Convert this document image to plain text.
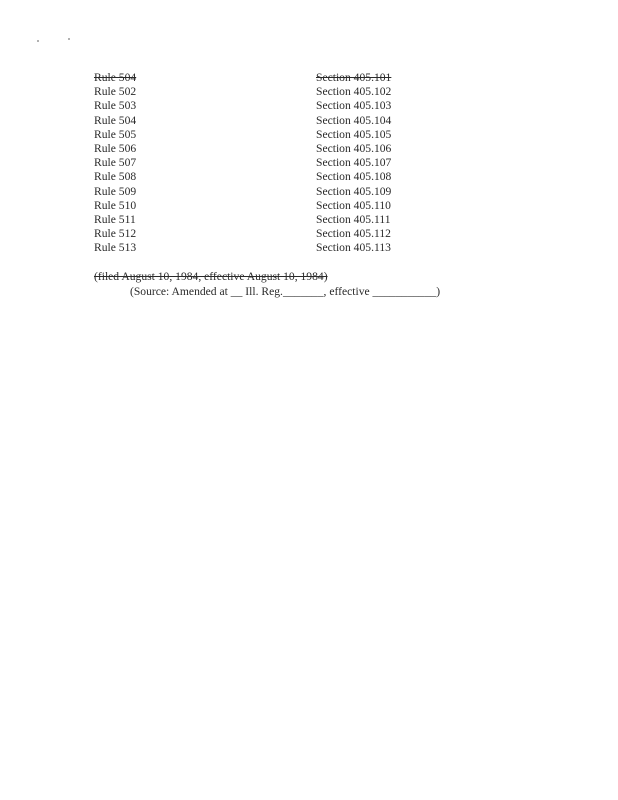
Rule 504	Section 405.101
Rule 502	Section 405.102
Rule 503	Section 405.103
Rule 504	Section 405.104
Rule 505	Section 405.105
Rule 506	Section 405.106
Rule 507	Section 405.107
Rule 508	Section 405.108
Rule 509	Section 405.109
Rule 510	Section 405.110
Rule 511	Section 405.111
Rule 512	Section 405.112
Rule 513	Section 405.113
(filed August 10, 1984, effective August 10, 1984)
(Source: Amended at __ Ill. Reg._______, effective ___________)
